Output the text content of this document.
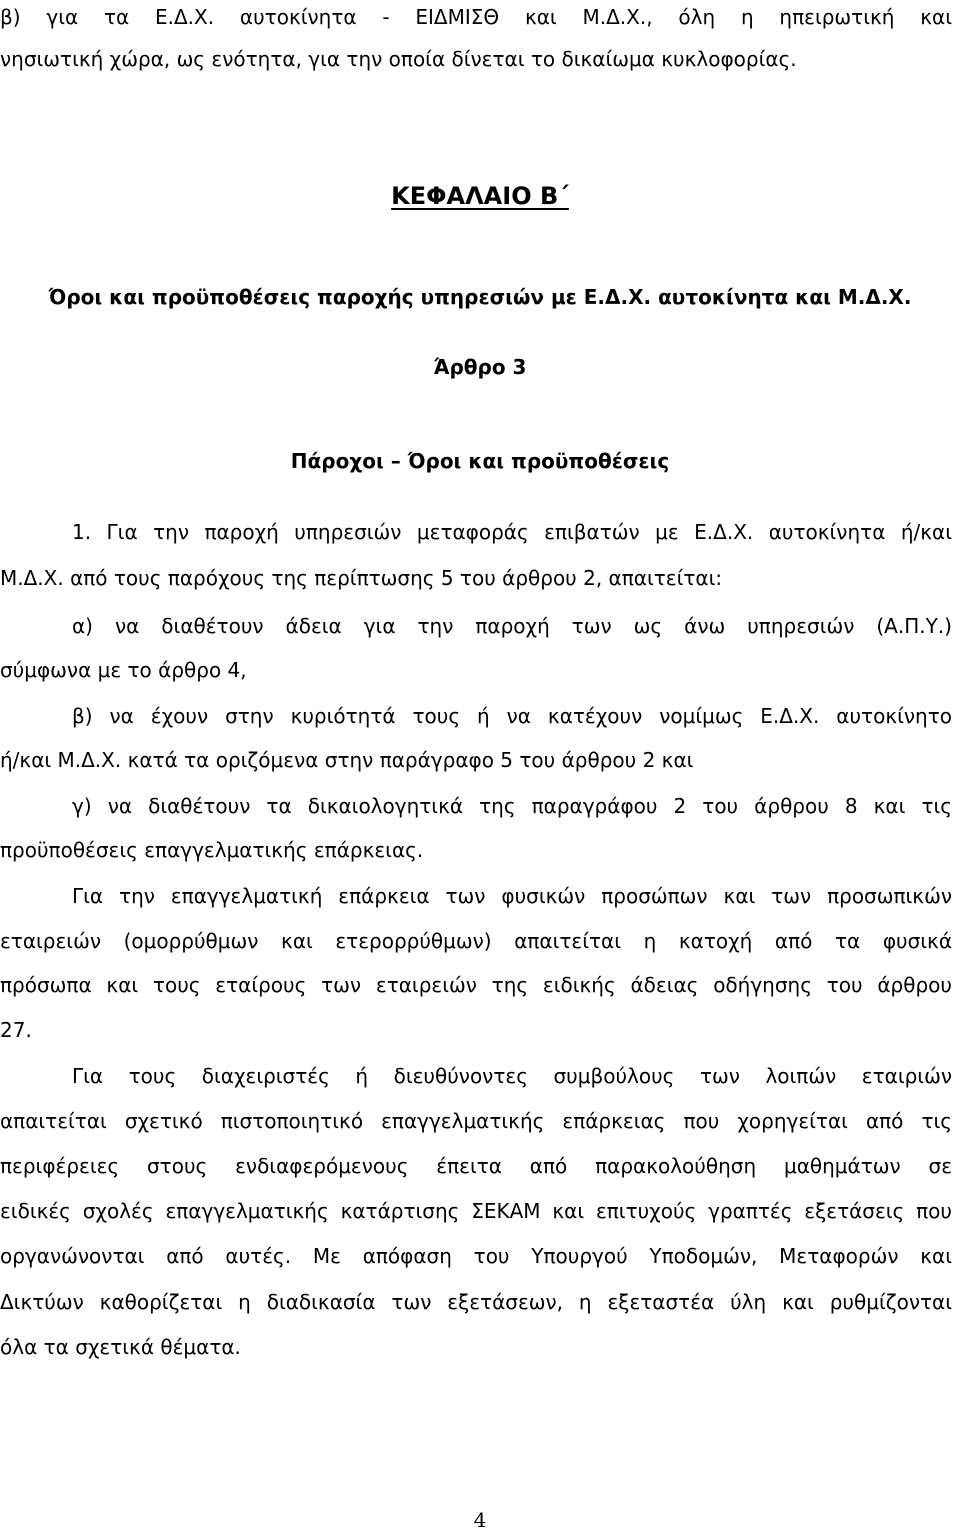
β) για τα Ε.Δ.Χ. αυτοκίνητα - ΕΙΔΜΙΣΘ και Μ.Δ.Χ., όλη η ηπειρωτική και
νησιωτική χώρα, ως ενότητα, για την οποία δίνεται το δικαίωμα κυκλοφορίας.
ΚΕΦΑΛΑΙΟ Β΄
Όροι και προϋποθέσεις παροχής υπηρεσιών με Ε.Δ.Χ. αυτοκίνητα και Μ.Δ.Χ.
Άρθρο 3
Πάροχοι – Όροι και προϋποθέσεις
1. Για την παροχή υπηρεσιών μεταφοράς επιβατών με Ε.Δ.Χ. αυτοκίνητα ή/και
Μ.Δ.Χ. από τους παρόχους της περίπτωσης 5 του άρθρου 2, απαιτείται:
α) να διαθέτουν άδεια για την παροχή των ως άνω υπηρεσιών (Α.Π.Υ.)
σύμφωνα με το άρθρο 4,
β) να έχουν στην κυριότητά τους ή να κατέχουν νομίμως Ε.Δ.Χ. αυτοκίνητο
ή/και Μ.Δ.Χ. κατά τα οριζόμενα στην παράγραφο 5 του άρθρου 2 και
γ) να διαθέτουν τα δικαιολογητικά της παραγράφου 2 του άρθρου 8 και τις
προϋποθέσεις επαγγελματικής επάρκειας.
Για την επαγγελματική επάρκεια των φυσικών προσώπων και των προσωπικών
εταιρειών (ομορρύθμων και ετερορρύθμων) απαιτείται η κατοχή από τα φυσικά
πρόσωπα και τους εταίρους των εταιρειών της ειδικής άδειας οδήγησης του άρθρου
27.
Για τους διαχειριστές ή διευθύνοντες συμβούλους των λοιπών εταιριών
απαιτείται σχετικό πιστοποιητικό επαγγελματικής επάρκειας που χορηγείται από τις
περιφέρειες στους ενδιαφερόμενους έπειτα από παρακολούθηση μαθημάτων σε
ειδικές σχολές επαγγελματικής κατάρτισης ΣΕΚΑΜ και επιτυχούς γραπτές εξετάσεις που
οργανώνονται από αυτές. Με απόφαση του Υπουργού Υποδομών, Μεταφορών και
Δικτύων καθορίζεται η διαδικασία των εξετάσεων, η εξεταστέα ύλη και ρυθμίζονται
όλα τα σχετικά θέματα.
4
